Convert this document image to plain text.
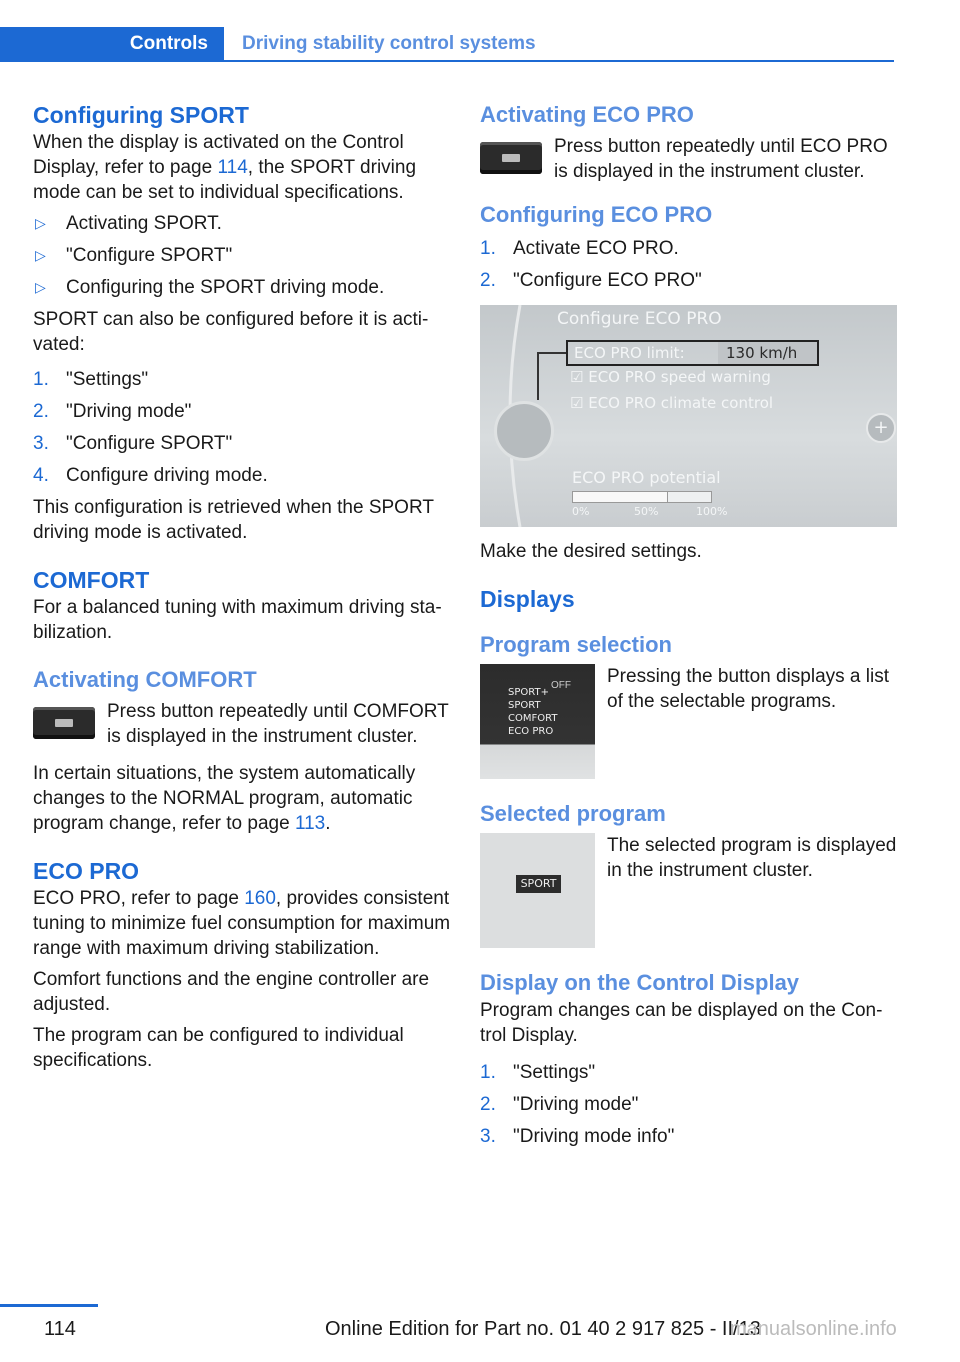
Controls	Driving stability control systems
Configuring SPORT

When the display is activated on the Control Display, refer to page 114, the SPORT driving mode can be set to individual specifications.

▷ Activating SPORT.
▷ "Configure SPORT"
▷ Configuring the SPORT driving mode.

SPORT can also be configured before it is activated:

1. "Settings"
2. "Driving mode"
3. "Configure SPORT"
4. Configure driving mode.

This configuration is retrieved when the SPORT driving mode is activated.

COMFORT

For a balanced tuning with maximum driving stabilization.

Activating COMFORT

Press button repeatedly until COMFORT is displayed in the instrument cluster.

In certain situations, the system automatically changes to the NORMAL program, automatic program change, refer to page 113.

ECO PRO

ECO PRO, refer to page 160, provides consistent tuning to minimize fuel consumption for maximum range with maximum driving stabilization.

Comfort functions and the engine controller are adjusted.

The program can be configured to individual specifications.

Activating ECO PRO

Press button repeatedly until ECO PRO is displayed in the instrument cluster.

Configuring ECO PRO
1. Activate ECO PRO.
2. "Configure ECO PRO"
Configure ECO PRO
ECO PRO limit:	130 km/h
☑ ECO PRO speed warning
☑ ECO PRO climate control
+
ECO PRO potential
0%	50%	100%

Make the desired settings.

Displays
Program selection
SPORT+
SPORT
COMFORT
ECO PRO
OFF	Pressing the button displays a list of the selectable programs.

Selected program
SPORT

The selected program is displayed in the instrument cluster.

Display on the Control Display

Program changes can be displayed on the Control Display.

1. "Settings"
2. "Driving mode"
3. "Driving mode info"
114	Online Edition for Part no. 01 40 2 917 825 - II/13
manualsonline.info
